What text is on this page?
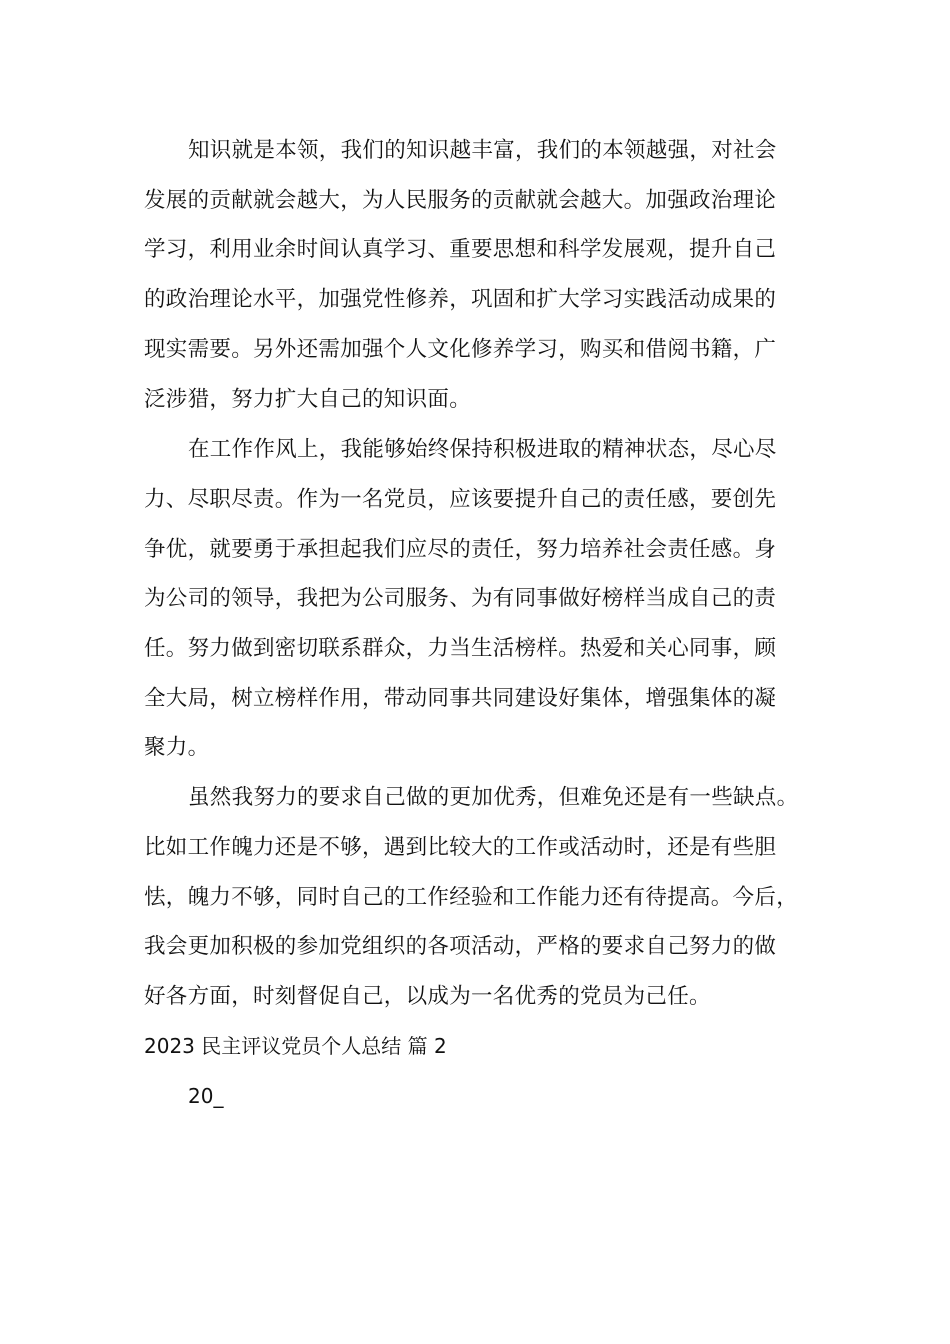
知识就是本领，我们的知识越丰富，我们的本领越强，对社会
发展的贡献就会越大，为人民服务的贡献就会越大。加强政治理论
学习，利用业余时间认真学习、重要思想和科学发展观，提升自己
的政治理论水平，加强党性修养，巩固和扩大学习实践活动成果的
现实需要。另外还需加强个人文化修养学习，购买和借阅书籍，广
泛涉猎，努力扩大自己的知识面。
在工作作风上，我能够始终保持积极进取的精神状态，尽心尽
力、尽职尽责。作为一名党员，应该要提升自己的责任感，要创先
争优，就要勇于承担起我们应尽的责任，努力培养社会责任感。身
为公司的领导，我把为公司服务、为有同事做好榜样当成自己的责
任。努力做到密切联系群众，力当生活榜样。热爱和关心同事，顾
全大局，树立榜样作用，带动同事共同建设好集体，增强集体的凝
聚力。
虽然我努力的要求自己做的更加优秀，但难免还是有一些缺点。
比如工作魄力还是不够，遇到比较大的工作或活动时，还是有些胆
怯，魄力不够，同时自己的工作经验和工作能力还有待提高。今后，
我会更加积极的参加党组织的各项活动，严格的要求自己努力的做
好各方面，时刻督促自己，以成为一名优秀的党员为己任。
2023 民主评议党员个人总结 篇 2
20_
